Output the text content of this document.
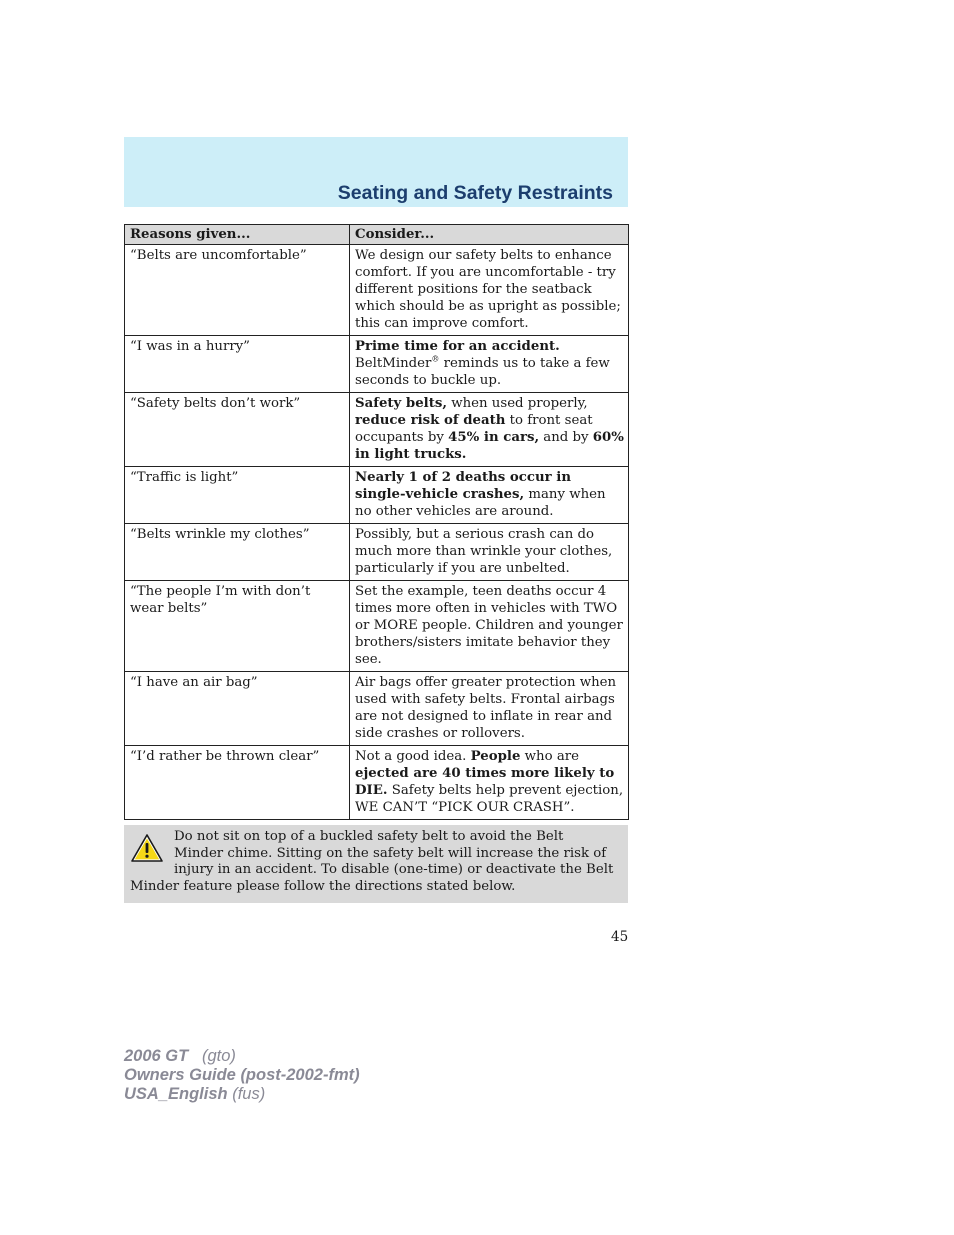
Seating and Safety Restraints
Reasons given...	Consider...
“Belts are uncomfortable”	We design our safety belts to enhance comfort. If you are uncomfortable - try different positions for the seatback which should be as upright as possible; this can improve comfort.
“I was in a hurry”	Prime time for an accident. BeltMinder® reminds us to take a few seconds to buckle up.
“Safety belts don’t work”	Safety belts, when used properly, reduce risk of death to front seat occupants by 45% in cars, and by 60% in light trucks.
“Traffic is light”	Nearly 1 of 2 deaths occur in single-vehicle crashes, many when no other vehicles are around.
“Belts wrinkle my clothes”	Possibly, but a serious crash can do much more than wrinkle your clothes, particularly if you are unbelted.
“The people I’m with don’t wear belts”	Set the example, teen deaths occur 4 times more often in vehicles with TWO or MORE people. Children and younger brothers/sisters imitate behavior they see.
“I have an air bag”	Air bags offer greater protection when used with safety belts. Frontal airbags are not designed to inflate in rear and side crashes or rollovers.
“I’d rather be thrown clear”	Not a good idea. People who are ejected are 40 times more likely to DIE. Safety belts help prevent ejection, WE CAN’T “PICK OUR CRASH”.
Do not sit on top of a buckled safety belt to avoid the Belt Minder chime. Sitting on the safety belt will increase the risk of injury in an accident. To disable (one-time) or deactivate the Belt Minder feature please follow the directions stated below.
45
2006 GT (gto)
Owners Guide (post-2002-fmt)
USA_English (fus)
